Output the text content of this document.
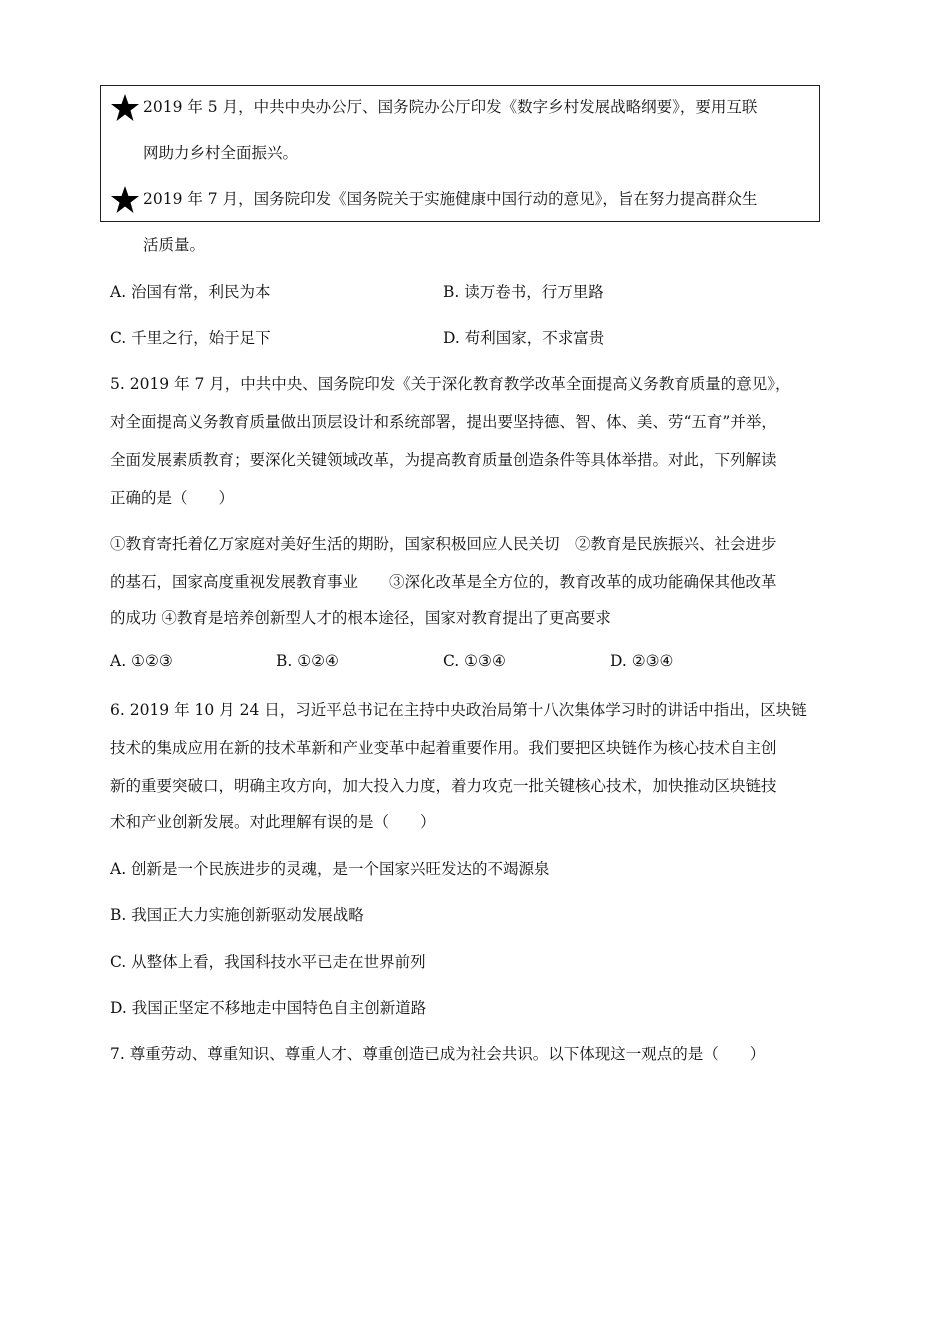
2019 年 5 月，中共中央办公厅、国务院办公厅印发《数字乡村发展战略纲要》，要用互联
网助力乡村全面振兴。
2019 年 7 月，国务院印发《国务院关于实施健康中国行动的意见》，旨在努力提高群众生
活质量。
A. 治国有常，利民为本	B. 读万卷书，行万里路
C. 千里之行，始于足下	D. 苟利国家，不求富贵
5. 2019 年 7 月，中共中央、国务院印发《关于深化教育教学改革全面提高义务教育质量的意见》，
对全面提高义务教育质量做出顶层设计和系统部署，提出要坚持德、智、体、美、劳“五育”并举，
全面发展素质教育；要深化关键领域改革，为提高教育质量创造条件等具体举措。对此，下列解读
正确的是（　　）
①教育寄托着亿万家庭对美好生活的期盼，国家积极回应人民关切　②教育是民族振兴、社会进步
的基石，国家高度重视发展教育事业　　③深化改革是全方位的，教育改革的成功能确保其他改革
的成功 ④教育是培养创新型人才的根本途径，国家对教育提出了更高要求
A. ①②③	B. ①②④	C. ①③④	D. ②③④
6. 2019 年 10 月 24 日，习近平总书记在主持中央政治局第十八次集体学习时的讲话中指出，区块链
技术的集成应用在新的技术革新和产业变革中起着重要作用。我们要把区块链作为核心技术自主创
新的重要突破口，明确主攻方向，加大投入力度，着力攻克一批关键核心技术，加快推动区块链技
术和产业创新发展。对此理解有误的是（　　）
A. 创新是一个民族进步的灵魂，是一个国家兴旺发达的不竭源泉
B. 我国正大力实施创新驱动发展战略
C. 从整体上看，我国科技水平已走在世界前列
D. 我国正坚定不移地走中国特色自主创新道路
7. 尊重劳动、尊重知识、尊重人才、尊重创造已成为社会共识。以下体现这一观点的是（　　）
